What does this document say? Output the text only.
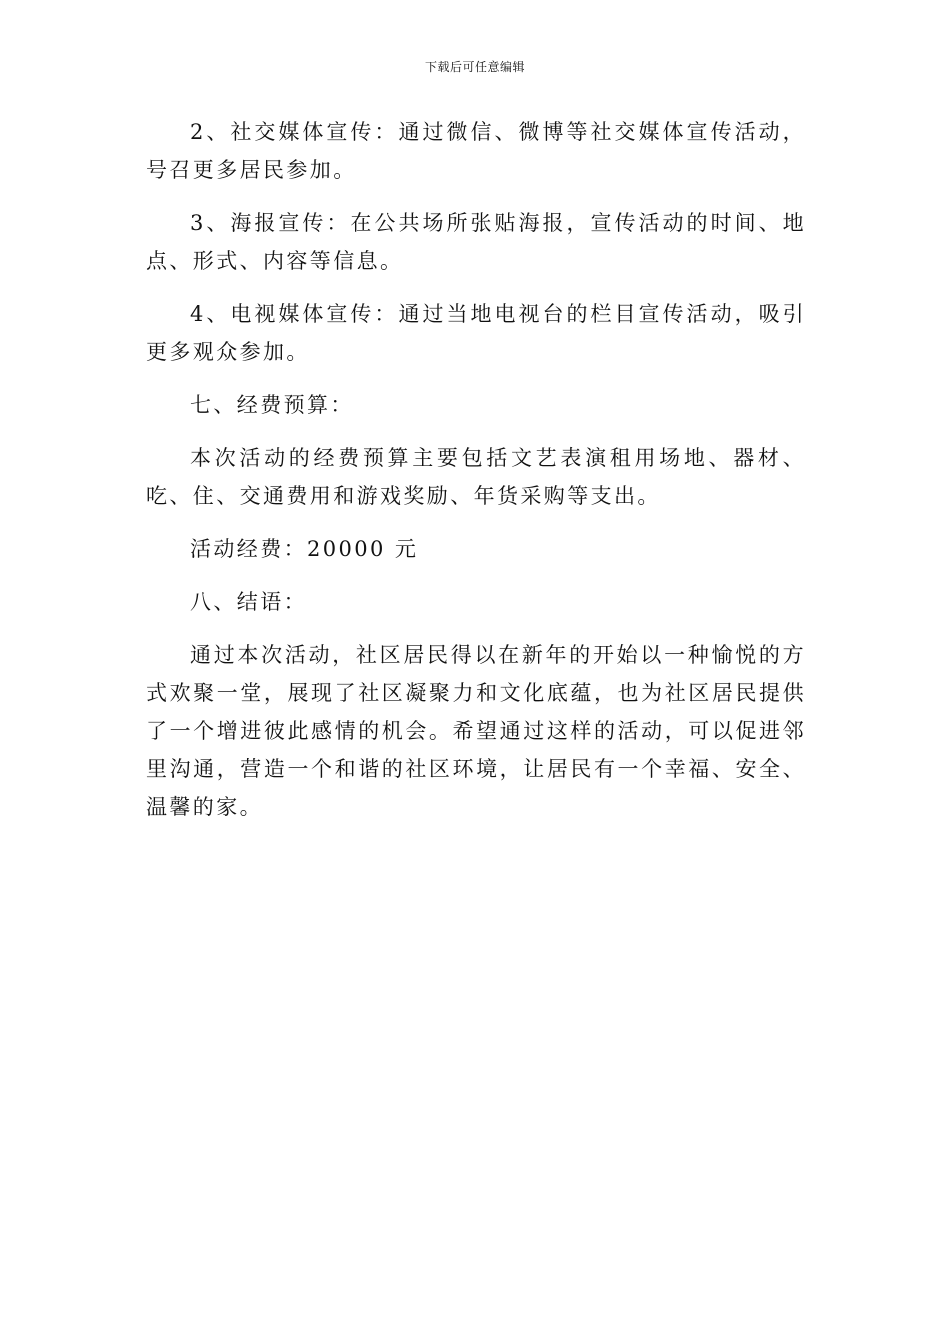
下载后可任意编辑

2、社交媒体宣传：通过微信、微博等社交媒体宣传活动，号召更多居民参加。

3、海报宣传：在公共场所张贴海报，宣传活动的时间、地点、形式、内容等信息。

4、电视媒体宣传：通过当地电视台的栏目宣传活动，吸引更多观众参加。

七、经费预算：

本次活动的经费预算主要包括文艺表演租用场地、器材、吃、住、交通费用和游戏奖励、年货采购等支出。

活动经费：20000 元

八、结语：

通过本次活动，社区居民得以在新年的开始以一种愉悦的方式欢聚一堂，展现了社区凝聚力和文化底蕴，也为社区居民提供了一个增进彼此感情的机会。希望通过这样的活动，可以促进邻里沟通，营造一个和谐的社区环境，让居民有一个幸福、安全、温馨的家。
